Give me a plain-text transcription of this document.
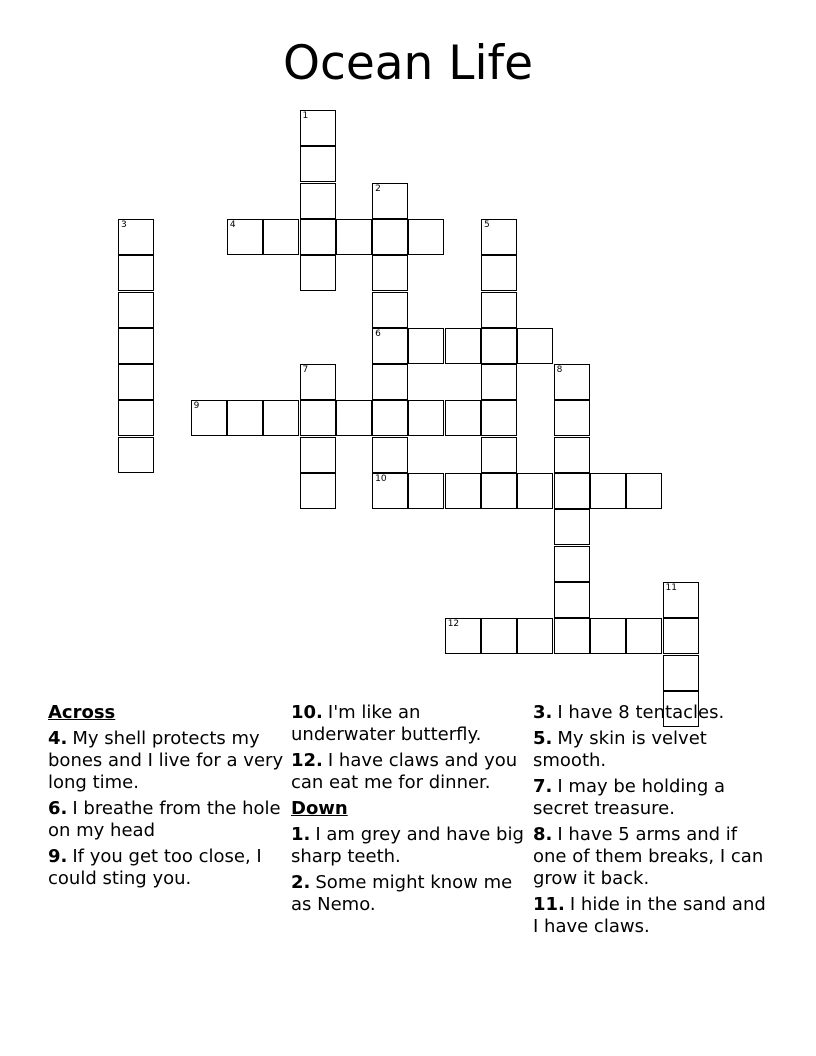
Ocean Life
1
2
6
10
3	4	5
7	8
9
11
12
Across
4. My shell protects my bones and I live for a very long time.
6. I breathe from the hole on my head
9. If you get too close, I could sting you.
10. I'm like an underwater butterfly.
12. I have claws and you can eat me for dinner.
Down
1. I am grey and have big sharp teeth.
2. Some might know me as Nemo.
3. I have 8 tentacles.
5. My skin is velvet smooth.
7. I may be holding a secret treasure.
8. I have 5 arms and if one of them breaks, I can grow it back.
11. I hide in the sand and I have claws.
